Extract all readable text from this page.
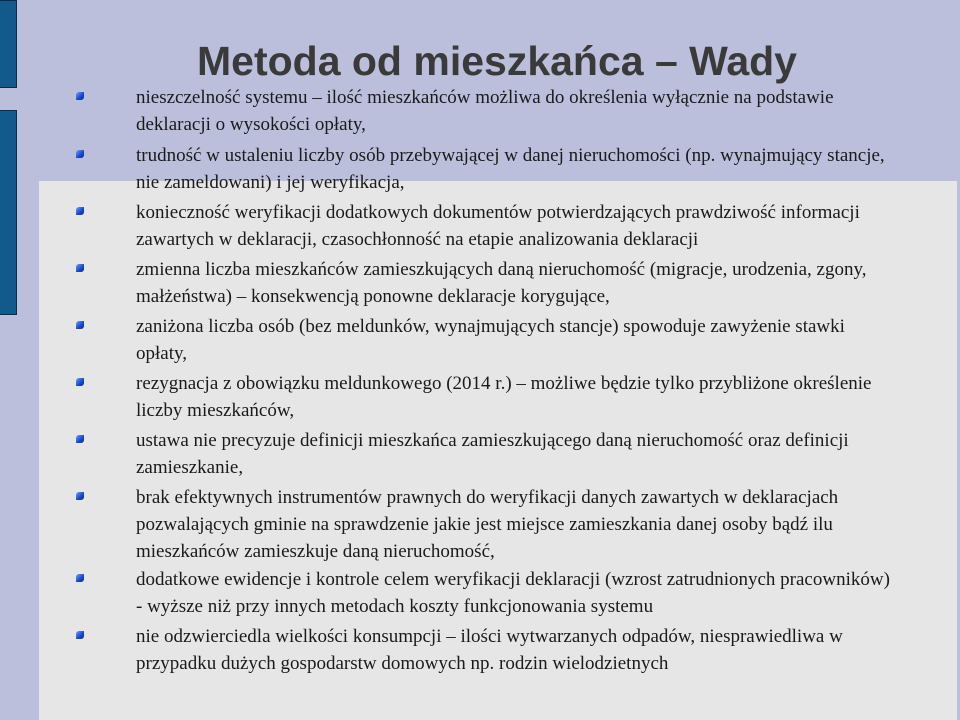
Metoda od mieszkańca – Wady
nieszczelność systemu – ilość mieszkańców możliwa do określenia wyłącznie na podstawie deklaracji o wysokości opłaty,
trudność w ustaleniu liczby osób przebywającej w danej nieruchomości (np. wynajmujący stancje, nie zameldowani) i jej weryfikacja,
konieczność weryfikacji dodatkowych dokumentów potwierdzających prawdziwość informacji zawartych w deklaracji, czasochłonność na etapie analizowania deklaracji
zmienna liczba mieszkańców zamieszkujących daną nieruchomość (migracje, urodzenia, zgony, małżeństwa) – konsekwencją ponowne deklaracje korygujące,
zaniżona liczba osób (bez meldunków, wynajmujących stancje) spowoduje zawyżenie stawki opłaty,
rezygnacja z obowiązku meldunkowego (2014 r.) – możliwe będzie tylko przybliżone określenie liczby mieszkańców,
ustawa nie precyzuje definicji mieszkańca zamieszkującego daną nieruchomość oraz definicji zamieszkanie,
brak efektywnych instrumentów prawnych do weryfikacji danych zawartych w deklaracjach pozwalających gminie na sprawdzenie jakie jest miejsce zamieszkania danej osoby bądź ilu mieszkańców zamieszkuje daną nieruchomość,
dodatkowe ewidencje i kontrole celem weryfikacji deklaracji (wzrost zatrudnionych pracowników) - wyższe niż przy innych metodach koszty funkcjonowania systemu
nie odzwierciedla wielkości konsumpcji – ilości wytwarzanych odpadów, niesprawiedliwa w przypadku dużych gospodarstw domowych np. rodzin wielodzietnych
